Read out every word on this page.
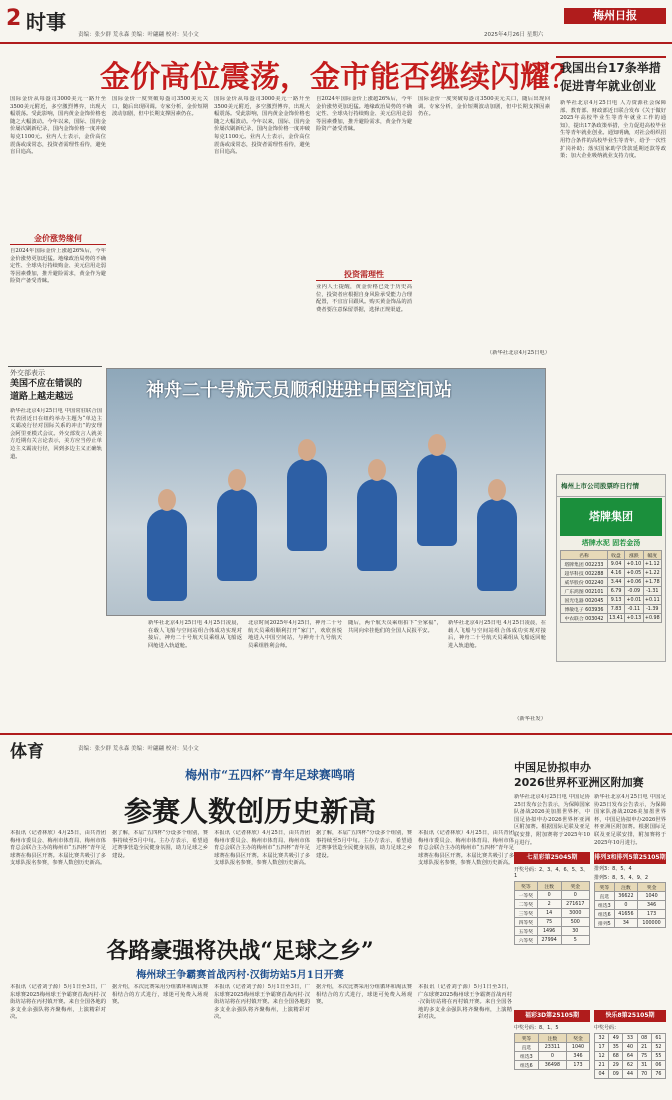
2 时事
责编：张少群 荒永森 美编：叶翩翩 校对：吴小文
梅州日报
2025年4月26日 星期六
金价高位震荡，金市能否继续闪耀？
国际金价从每盎司3000美元一路升至3500美元附近，多空激烈博弈，出现大幅震荡。受此影响，国内黄金金饰价格也随之大幅波动。今年以来，国际、国内金价屡次刷新纪录，国内金饰价格一度冲破每克1100元。业内人士表示，金价高位震荡或成常态，投资者需理性看待，避免盲目追高。
金价涨势缘何
自2024年国际金价上涨超26%后，今年金价涨势更加迅猛。地缘政治局势的不确定性、全球央行持续购金、美元信用走弱等因素叠加，推升避险需求，黄金作为避险资产备受青睐。
国际金价一度突破每盎司3500美元关口，随后出现回调。专家分析，金价短期波动加剧，但中长期支撑因素仍在。
国际金价从每盎司3000美元一路升至3500美元附近，多空激烈博弈，出现大幅震荡。受此影响，国内黄金金饰价格也随之大幅波动。今年以来，国际、国内金价屡次刷新纪录，国内金饰价格一度冲破每克1100元。业内人士表示，金价高位震荡或成常态，投资者需理性看待，避免盲目追高。
自2024年国际金价上涨超26%后，今年金价涨势更加迅猛。地缘政治局势的不确定性、全球央行持续购金、美元信用走弱等因素叠加，推升避险需求，黄金作为避险资产备受青睐。
投资需理性
业内人士提醒，黄金价格已处于历史高位，投资者应根据自身风险承受能力合理配置，不宜盲目跟风。购买黄金饰品的消费者要注意保留票据，选择正规渠道。
国际金价一度突破每盎司3500美元关口，随后出现回调。专家分析，金价短期波动加剧，但中长期支撑因素仍在。
（新华社北京4月25日电）
我国出台17条举措
促进青年就业创业
新华社北京4月25日电 人力资源社会保障部、教育部、财政部近日联合发布《关于做好2025年高校毕业生等青年就业工作的通知》，提出17条政策举措，全力促进高校毕业生等青年就业创业。通知明确，对社会组织招用符合条件的高校毕业生等青年，给予一次性扩岗补助；落实国家助学贷款延期还款等政策；加大企业吸纳就业支持力度。
外交部表示
美国不应在错误的
道路上越走越远
新华社北京4月25日电 中国常驻联合国代表团近日在纽约举办主题为“单边主义霸凌行径对国际关系的冲击”的安理会阿里亚模式会议。外交部发言人就美方近期有关言论表示，美方应当停止单边主义霸凌行径，回到多边主义正确轨道。
神舟二十号航天员顺利进驻中国空间站
新华社北京4月25日电 4月25日凌晨，在载人飞船与空间站组合体成功实现对接后，神舟二十号航天员乘组从飞船返回舱进入轨道舱。
北京时间2025年4月25日，神舟二十号航天员乘组顺利打开“家门”，欢欣喜悦地进入中国空间站，与神舟十九号航天员乘组胜利会师。
随后，两个航天员乘组拍下“全家福”，共同向牵挂他们的全国人民报平安。
新华社北京4月25日电 4月25日凌晨，在载人飞船与空间站组合体成功实现对接后，神舟二十号航天员乘组从飞船返回舱进入轨道舱。
（新华社发）
梅州上市公司股票昨日行情
塔牌集团
塔牌水泥 固若金汤
名称	收盘	涨跌	幅度
塔牌集团 002233	9.04	+0.10	+1.12
超华科技 002288	4.16	+0.05	+1.22
威华股份 002240	3.44	+0.06	+1.78
广东鸿图 002101	6.79	-0.09	-1.31
国光电器 002045	9.13	+0.01	+0.11
博敏电子 603936	7.83	-0.11	-1.39
中农联合 003042	13.41	+0.13	+0.98
体育	责编：张少群 荒永森 美编：叶翩翩 校对：吴小文
梅州市“五四杯”青年足球赛鸣哨
参赛人数创历史新高
本报讯（记者林欣）4月25日，由共青团梅州市委员会、梅州市体育局、梅州市体育总会联合主办的梅州市“五四杯”青年足球赛在梅县区开赛。本届比赛共吸引了多支球队报名参赛，参赛人数创历史新高。
据了解，本届“五四杯”分设多个组别，赛事持续至5月中旬。主办方表示，希望通过赛事营造全民健身氛围，助力足球之乡建设。
本报讯（记者林欣）4月25日，由共青团梅州市委员会、梅州市体育局、梅州市体育总会联合主办的梅州市“五四杯”青年足球赛在梅县区开赛。本届比赛共吸引了多支球队报名参赛，参赛人数创历史新高。
据了解，本届“五四杯”分设多个组别，赛事持续至5月中旬。主办方表示，希望通过赛事营造全民健身氛围，助力足球之乡建设。
本报讯（记者林欣）4月25日，由共青团梅州市委员会、梅州市体育局、梅州市体育总会联合主办的梅州市“五四杯”青年足球赛在梅县区开赛。本届比赛共吸引了多支球队报名参赛，参赛人数创历史新高。
各路豪强将决战“足球之乡”
梅州球王争霸赛首战丙村·汉街坊站5月1日开赛
本报讯（记者刘子源）5月1日至3日，广东球赛2025梅州球王争霸赛首战丙村·汉街坊站将在丙村镇开赛。来自全国各地的多支业余强队将齐聚梅州，上演精彩对决。
据介绍，本次比赛采用分组循环和淘汰赛相结合的方式进行，球迷可免费入场观赛。
本报讯（记者刘子源）5月1日至3日，广东球赛2025梅州球王争霸赛首战丙村·汉街坊站将在丙村镇开赛。来自全国各地的多支业余强队将齐聚梅州，上演精彩对决。
据介绍，本次比赛采用分组循环和淘汰赛相结合的方式进行，球迷可免费入场观赛。
本报讯（记者刘子源）5月1日至3日，广东球赛2025梅州球王争霸赛首战丙村·汉街坊站将在丙村镇开赛。来自全国各地的多支业余强队将齐聚梅州，上演精彩对决。
中国足协拟申办
2026世界杯亚洲区附加赛
新华社北京4月25日电 中国足协25日发布公告表示，为保障国家队备战2026美加墨世界杯，中国足协拟申办2026世界杯亚洲区附加赛。根据国际足联及亚足联安排，附加赛将于2025年10月进行。
新华社北京4月25日电 中国足协25日发布公告表示，为保障国家队备战2026美加墨世界杯，中国足协拟申办2026世界杯亚洲区附加赛。根据国际足联及亚足联安排，附加赛将于2025年10月进行。
七星彩第25045期
开奖号码：2、3、4、6、5、3、1
奖等	注数	奖金
一等奖	0	0
二等奖	2	271617
三等奖	14	3000
四等奖	75	500
五等奖	1496	30
六等奖	27994	5
排列3和排列5第25105期
排列3：8、5、4
排列5：8、5、4、9、2
奖等	注数	奖金
直选	36622	1040
组选3	0	346
组选6	41656	173
排列5	34	100000
福彩3D第25105期
中奖号码：8、1、5
奖等	注数	奖金
直选	23311	1040
组选3	0	346
组选6	36498	173
快乐8第25105期
中奖号码：
32	49	33	08	61
17	35	40	21	52
12	68	64	75	55
21	29	62	31	06
04	09	44	70	76
